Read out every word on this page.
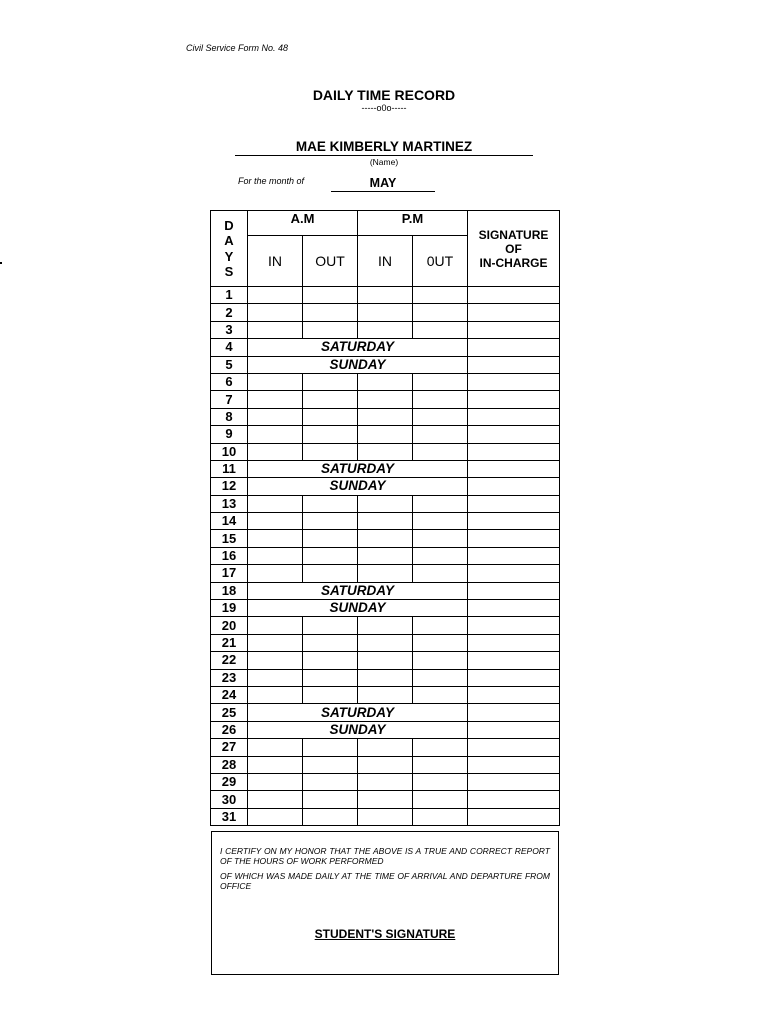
Civil Service Form No. 48
DAILY TIME RECORD
-----o0o-----
MAE KIMBERLY MARTINEZ
(Name)
For the month of	MAY
D
A
Y
S	A.M		P.M		SIGNATURE
OF
IN-CHARGE

	IN	OUT	IN	0UT	
1					
2					
3					
4	SATURDAY				
5	SUNDAY				
6					
7					
8					
9					
10					
11	SATURDAY				
12	SUNDAY				
13					
14					
15					
16					
17					
18	SATURDAY				
19	SUNDAY				
20					
21					
22					
23					
24					
25	SATURDAY				
26	SUNDAY				
27					
28					
29					
30					
31					
I CERTIFY ON MY HONOR THAT THE ABOVE IS A TRUE AND CORRECT REPORT OF THE HOURS OF WORK PERFORMED
OF WHICH WAS MADE DAILY AT THE TIME OF ARRIVAL AND DEPARTURE FROM OFFICE
STUDENT'S SIGNATURE
